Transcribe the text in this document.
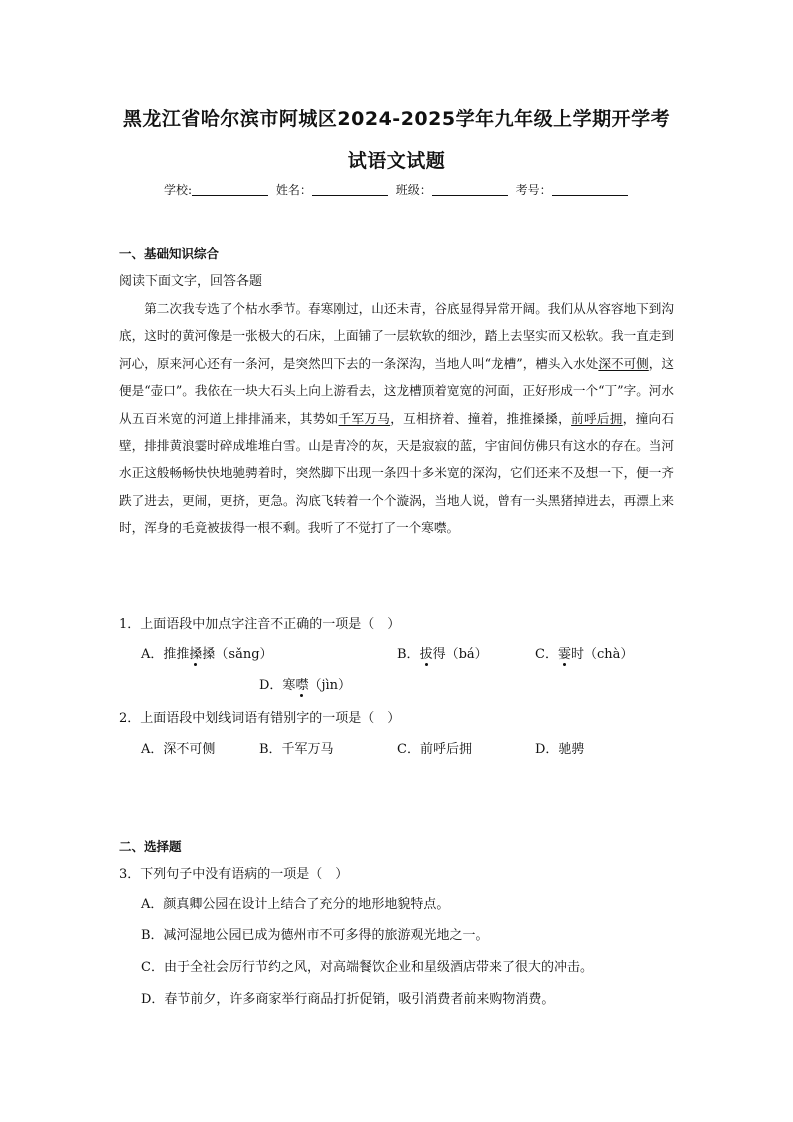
黑龙江省哈尔滨市阿城区2024-2025学年九年级上学期开学考
试语文试题
学校:	姓名：	班级：	考号：
一、基础知识综合
阅读下面文字，回答各题
第二次我专选了个枯水季节。春寒刚过，山还未青，谷底显得异常开阔。我们从从容容地下到沟底，这时的黄河像是一张极大的石床，上面铺了一层软软的细沙，踏上去坚实而又松软。我一直走到河心，原来河心还有一条河，是突然凹下去的一条深沟，当地人叫“龙槽”，槽头入水处深不可侧，这便是“壶口”。我依在一块大石头上向上游看去，这龙槽顶着宽宽的河面，正好形成一个“丁”字。河水从五百米宽的河道上排排涌来，其势如千军万马，互相挤着、撞着，推推搡搡，前呼后拥，撞向石壁，排排黄浪霎时碎成堆堆白雪。山是青冷的灰，天是寂寂的蓝，宇宙间仿佛只有这水的存在。当河水正这般畅畅快快地驰骋着时，突然脚下出现一条四十多米宽的深沟，它们还来不及想一下，便一齐跌了进去，更闹，更挤，更急。沟底飞转着一个个漩涡，当地人说，曾有一头黑猪掉进去，再漂上来时，浑身的毛竟被拔得一根不剩。我听了不觉打了一个寒噤。
1．上面语段中加点字注音不正确的一项是（　）
A．推推搡搡（sǎng）	B．拔得（bá）	C．霎时（chà）
D．寒噤（jìn）
2．上面语段中划线词语有错别字的一项是（　）
A．深不可侧	B．千军万马	C．前呼后拥	D．驰骋
二、选择题
3．下列句子中没有语病的一项是（　）
A．颜真卿公园在设计上结合了充分的地形地貌特点。
B．减河湿地公园已成为德州市不可多得的旅游观光地之一。
C．由于全社会厉行节约之风，对高端餐饮企业和星级酒店带来了很大的冲击。
D．春节前夕，许多商家举行商品打折促销，吸引消费者前来购物消费。
